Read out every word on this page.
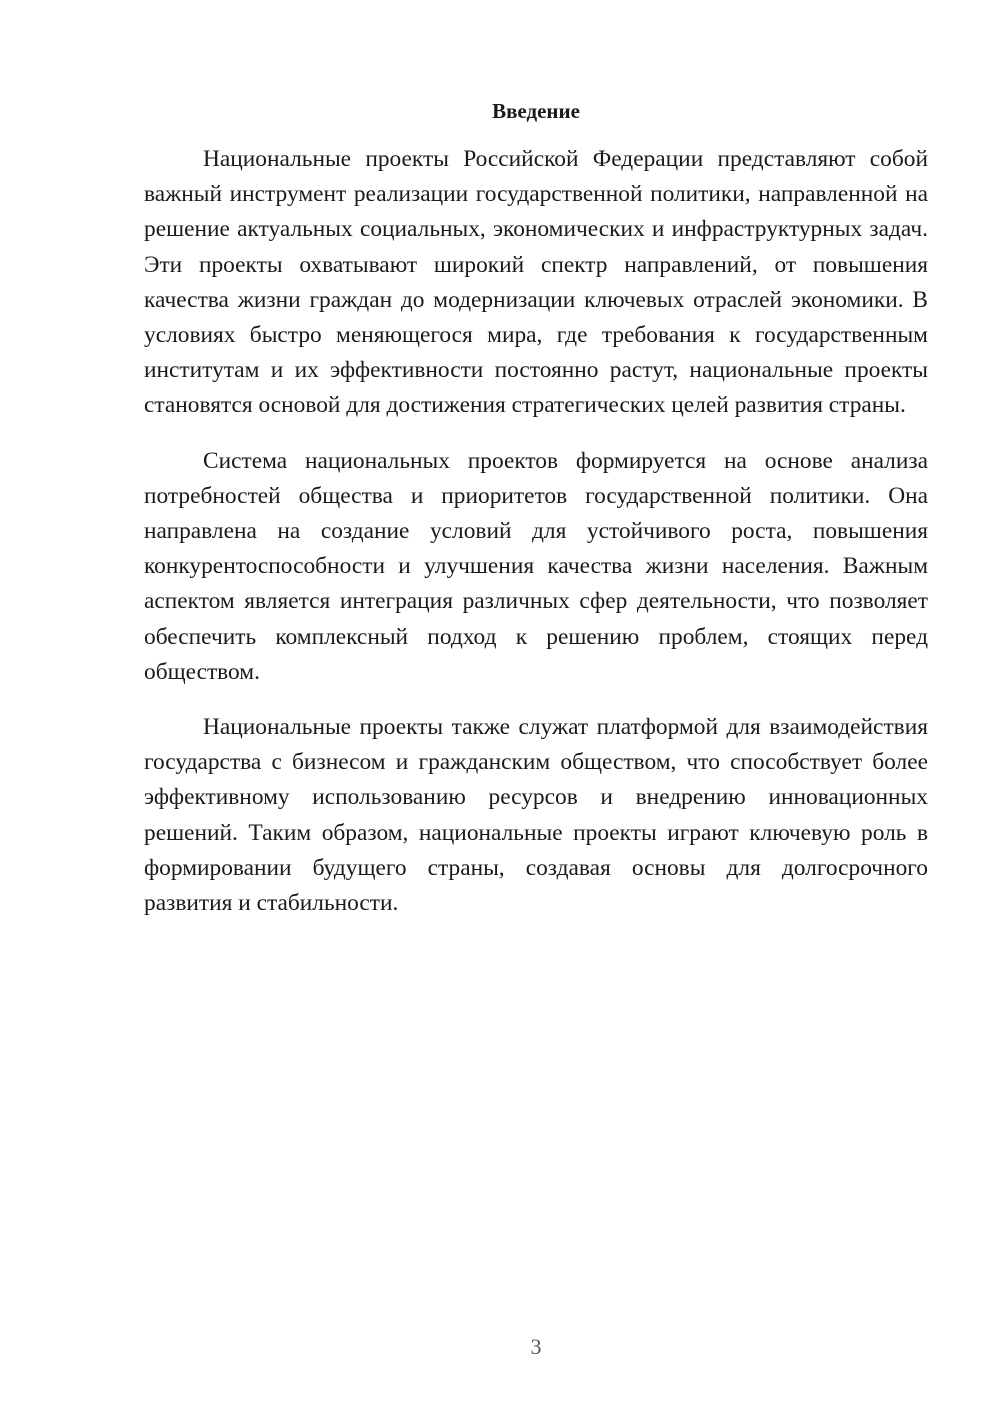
Введение

Национальные проекты Российской Федерации представляют собой важный инструмент реализации государственной политики, направленной на решение актуальных социальных, экономических и инфраструктурных задач. Эти проекты охватывают широкий спектр направлений, от повышения качества жизни граждан до модернизации ключевых отраслей экономики. В условиях быстро меняющегося мира, где требования к государственным институтам и их эффективности постоянно растут, национальные проекты становятся основой для достижения стратегических целей развития страны.

Система национальных проектов формируется на основе анализа потребностей общества и приоритетов государственной политики. Она направлена на создание условий для устойчивого роста, повышения конкурентоспособности и улучшения качества жизни населения. Важным аспектом является интеграция различных сфер деятельности, что позволяет обеспечить комплексный подход к решению проблем, стоящих перед обществом.

Национальные проекты также служат платформой для взаимодействия государства с бизнесом и гражданским обществом, что способствует более эффективному использованию ресурсов и внедрению инновационных решений. Таким образом, национальные проекты играют ключевую роль в формировании будущего страны, создавая основы для долгосрочного развития и стабильности.

3
